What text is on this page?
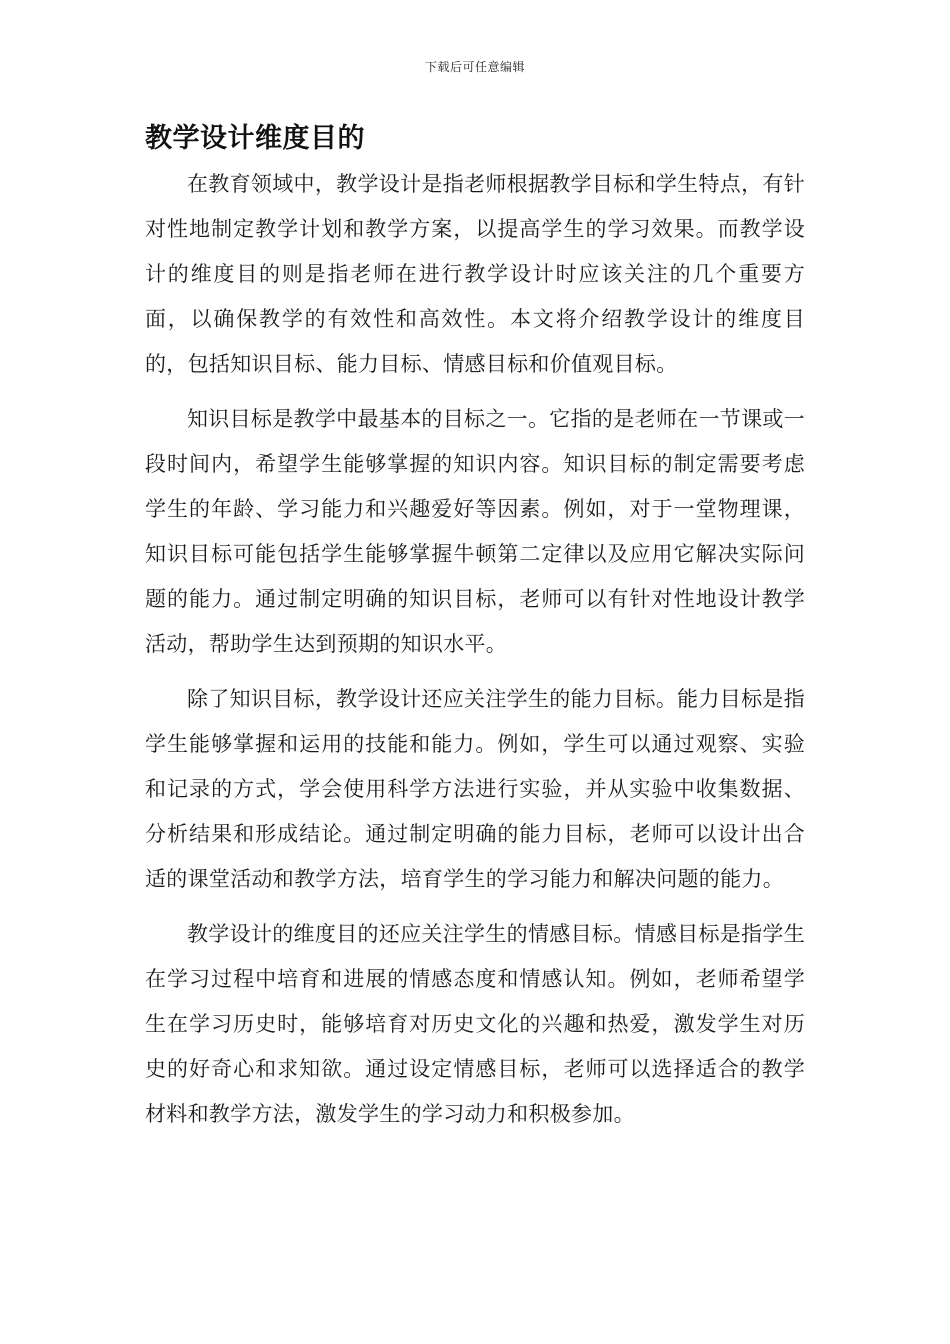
下载后可任意编辑
教学设计维度目的

在教育领域中，教学设计是指老师根据教学目标和学生特点，有针对性地制定教学计划和教学方案，以提高学生的学习效果。而教学设计的维度目的则是指老师在进行教学设计时应该关注的几个重要方面，以确保教学的有效性和高效性。本文将介绍教学设计的维度目的，包括知识目标、能力目标、情感目标和价值观目标。

知识目标是教学中最基本的目标之一。它指的是老师在一节课或一段时间内，希望学生能够掌握的知识内容。知识目标的制定需要考虑学生的年龄、学习能力和兴趣爱好等因素。例如，对于一堂物理课，知识目标可能包括学生能够掌握牛顿第二定律以及应用它解决实际问题的能力。通过制定明确的知识目标，老师可以有针对性地设计教学活动，帮助学生达到预期的知识水平。

除了知识目标，教学设计还应关注学生的能力目标。能力目标是指学生能够掌握和运用的技能和能力。例如，学生可以通过观察、实验和记录的方式，学会使用科学方法进行实验，并从实验中收集数据、分析结果和形成结论。通过制定明确的能力目标，老师可以设计出合适的课堂活动和教学方法，培育学生的学习能力和解决问题的能力。

教学设计的维度目的还应关注学生的情感目标。情感目标是指学生在学习过程中培育和进展的情感态度和情感认知。例如，老师希望学生在学习历史时，能够培育对历史文化的兴趣和热爱，激发学生对历史的好奇心和求知欲。通过设定情感目标，老师可以选择适合的教学材料和教学方法，激发学生的学习动力和积极参加。
